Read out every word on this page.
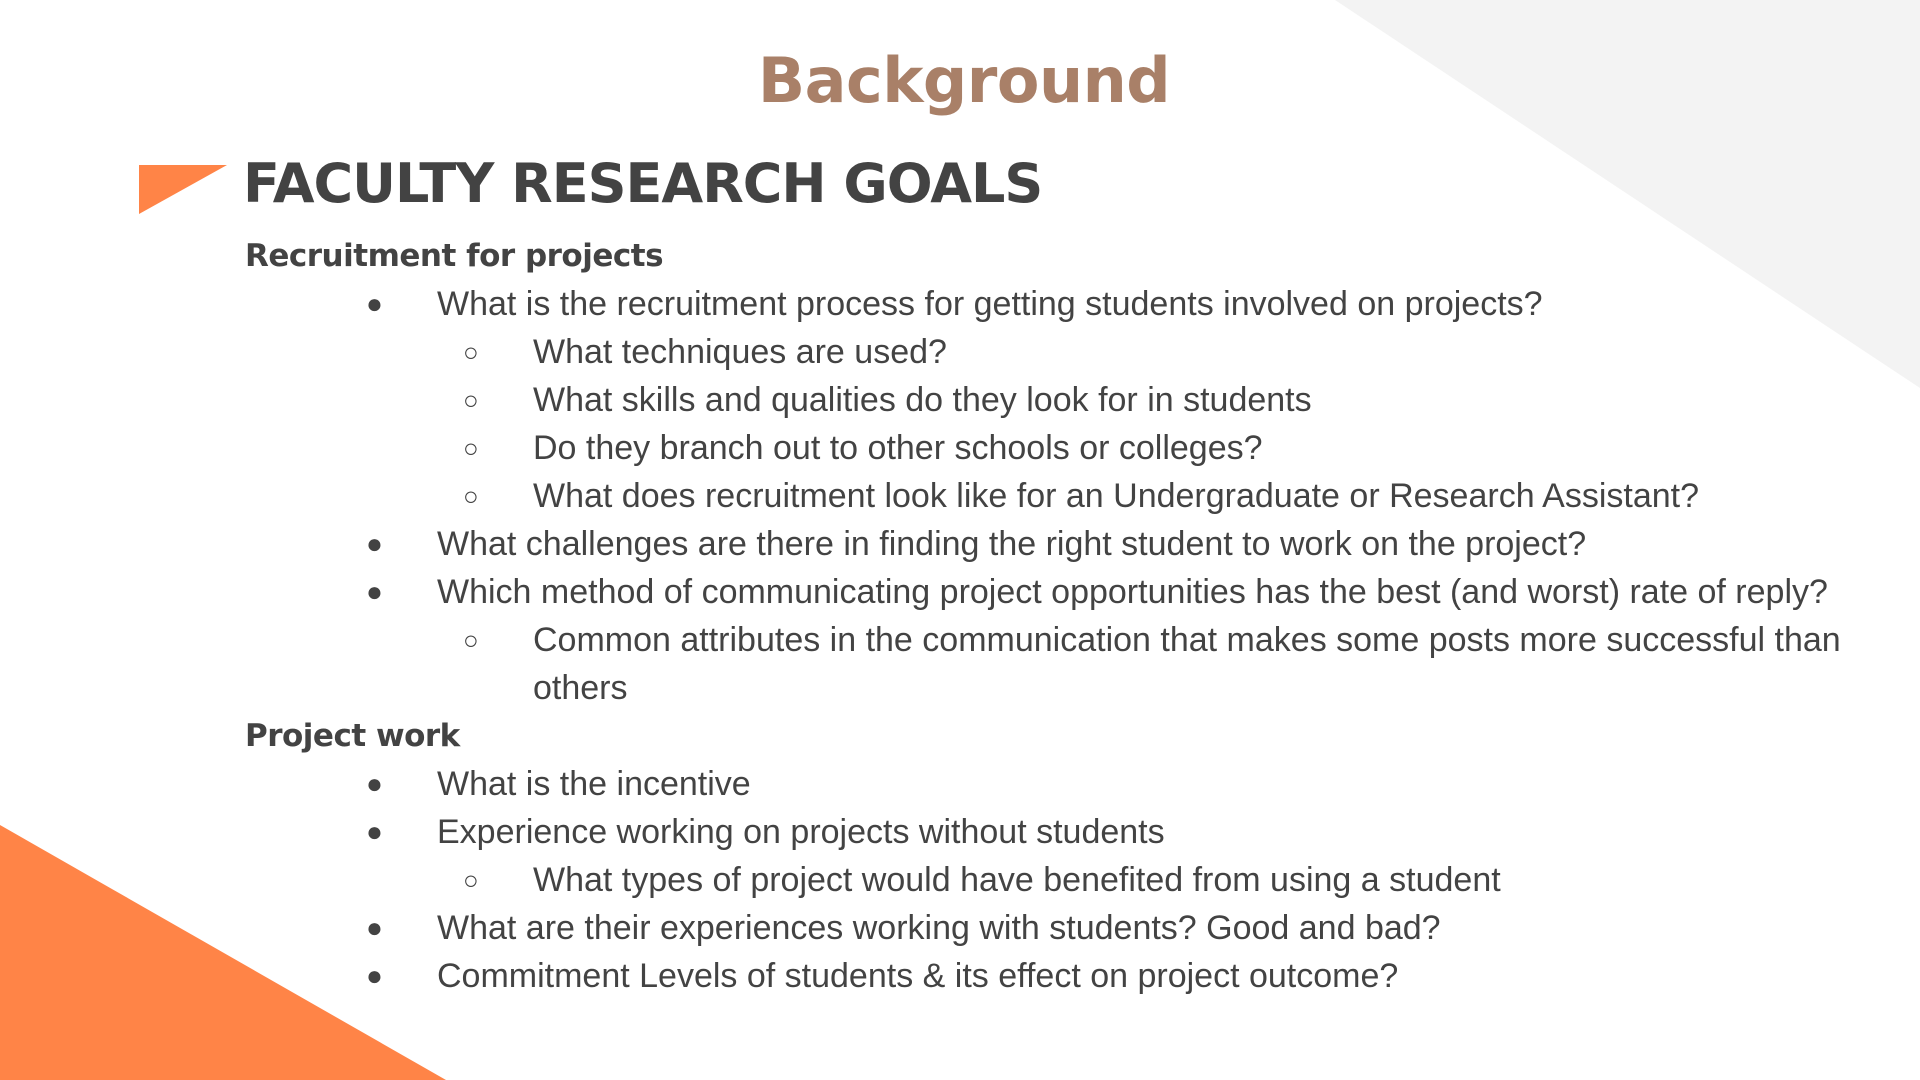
Background
FACULTY RESEARCH GOALS

Recruitment for projects

● What is the recruitment process for getting students involved on projects?
○ What techniques are used?
○ What skills and qualities do they look for in students
○ Do they branch out to other schools or colleges?
○ What does recruitment look like for an Undergraduate or Research Assistant?
● What challenges are there in finding the right student to work on the project?
● Which method of communicating project opportunities has the best (and worst) rate of reply?
○ Common attributes in the communication that makes some posts more successful than others

Project work

● What is the incentive
● Experience working on projects without students
○ What types of project would have benefited from using a student
● What are their experiences working with students? Good and bad?
● Commitment Levels of students & its effect on project outcome?
